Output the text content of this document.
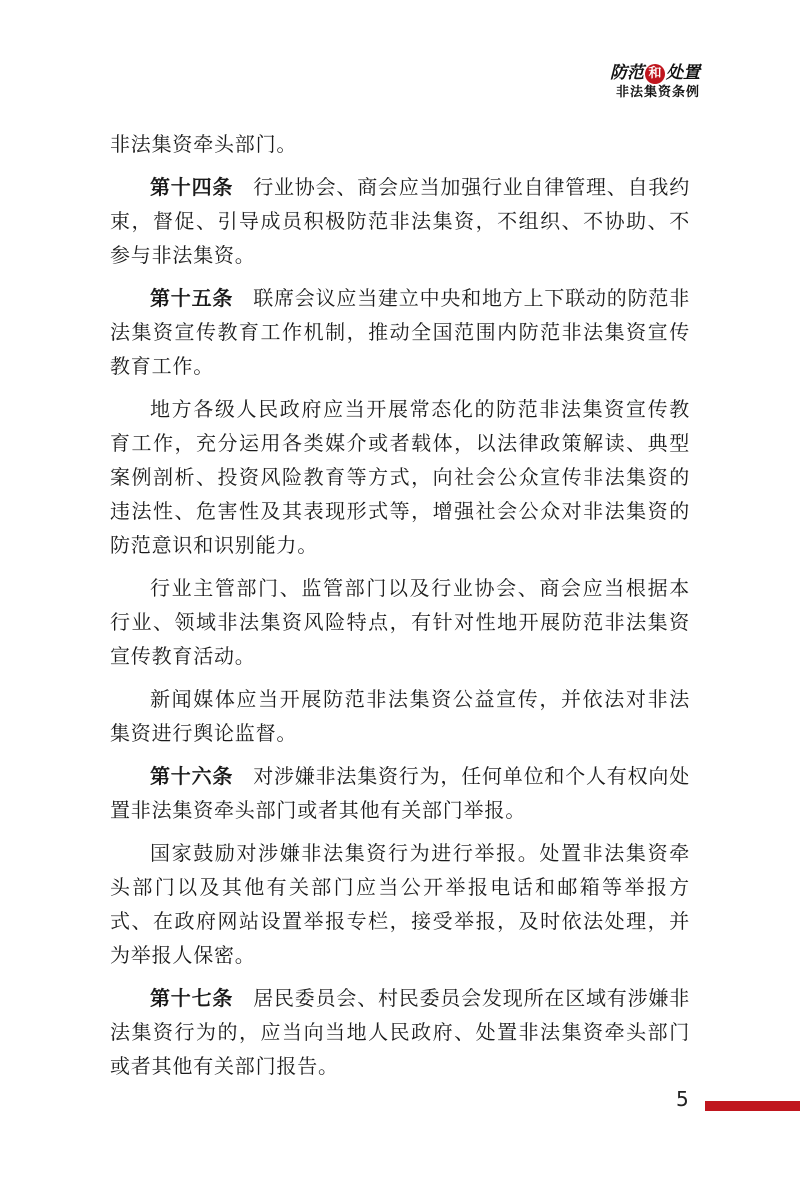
防范 和 处置
非法集资条例

非法集资牵头部门。

第十四条 行业协会、商会应当加强行业自律管理、自我约束，督促、引导成员积极防范非法集资，不组织、不协助、不参与非法集资。

第十五条 联席会议应当建立中央和地方上下联动的防范非法集资宣传教育工作机制，推动全国范围内防范非法集资宣传教育工作。

地方各级人民政府应当开展常态化的防范非法集资宣传教育工作，充分运用各类媒介或者载体，以法律政策解读、典型案例剖析、投资风险教育等方式，向社会公众宣传非法集资的违法性、危害性及其表现形式等，增强社会公众对非法集资的防范意识和识别能力。

行业主管部门、监管部门以及行业协会、商会应当根据本行业、领域非法集资风险特点，有针对性地开展防范非法集资宣传教育活动。

新闻媒体应当开展防范非法集资公益宣传，并依法对非法集资进行舆论监督。

第十六条 对涉嫌非法集资行为，任何单位和个人有权向处置非法集资牵头部门或者其他有关部门举报。

国家鼓励对涉嫌非法集资行为进行举报。处置非法集资牵头部门以及其他有关部门应当公开举报电话和邮箱等举报方式、在政府网站设置举报专栏，接受举报，及时依法处理，并为举报人保密。

第十七条 居民委员会、村民委员会发现所在区域有涉嫌非法集资行为的，应当向当地人民政府、处置非法集资牵头部门或者其他有关部门报告。

5
